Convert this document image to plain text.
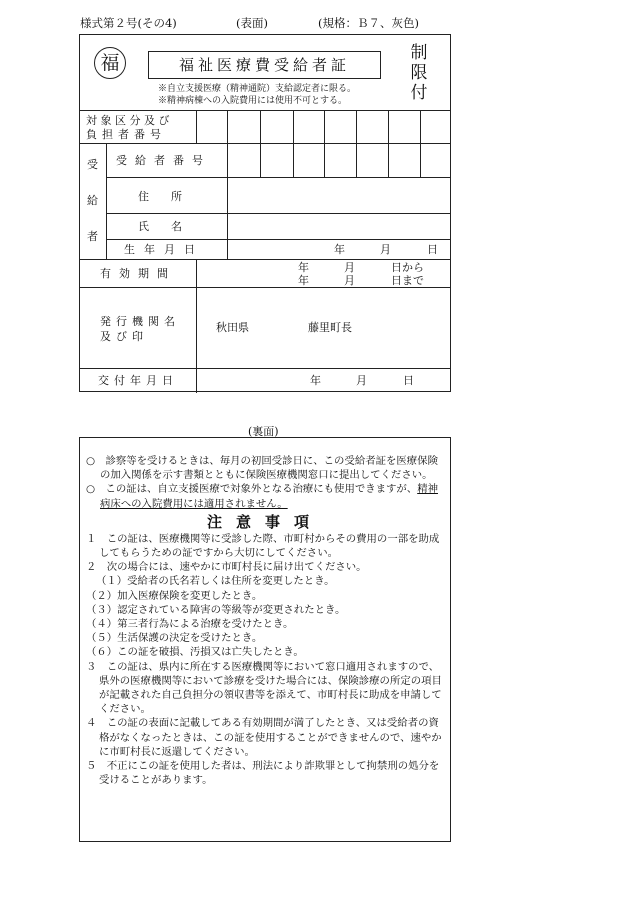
様式第２号(その4)	(表面)	(規格：Ｂ７、灰色)
福	福祉医療費受給者証
※自立支援医療（精神通院）支給認定者に限る。
※精神病棟への入院費用には使用不可とする。
制限付
対象区分及び
負担者番号
受
給
者
受給者番号
住　　所
氏　　名
生年月日	年	月	日
有効期間	年	月	日から
年	月	日まで
発行機関名
及び印
秋田県	藤里町長
交付年月日	年	月	日
(裏面)

○　診察等を受けるときは、毎月の初回受診日に、この受給者証を医療保険の加入関係を示す書類とともに保険医療機関窓口に提出してください。

○　この証は、自立支援医療で対象外となる治療にも使用できますが、精神病床への入院費用には適用されません。

注意事項

１　この証は、医療機関等に受診した際、市町村からその費用の一部を助成してもらうための証ですから大切にしてください。

２　次の場合には、速やかに市町村長に届け出てください。

（１）受給者の氏名若しくは住所を変更したとき。

（２）加入医療保険を変更したとき。

（３）認定されている障害の等級等が変更されたとき。

（４）第三者行為による治療を受けたとき。

（５）生活保護の決定を受けたとき。

（６）この証を破損、汚損又は亡失したとき。

３　この証は、県内に所在する医療機関等において窓口適用されますので、県外の医療機関等において診療を受けた場合には、保険診療の所定の項目が記載された自己負担分の領収書等を添えて、市町村長に助成を申請してください。

４　この証の表面に記載してある有効期間が満了したとき、又は受給者の資格がなくなったときは、この証を使用することができませんので、速やかに市町村長に返還してください。

５　不正にこの証を使用した者は、刑法により詐欺罪として拘禁刑の処分を受けることがあります。
